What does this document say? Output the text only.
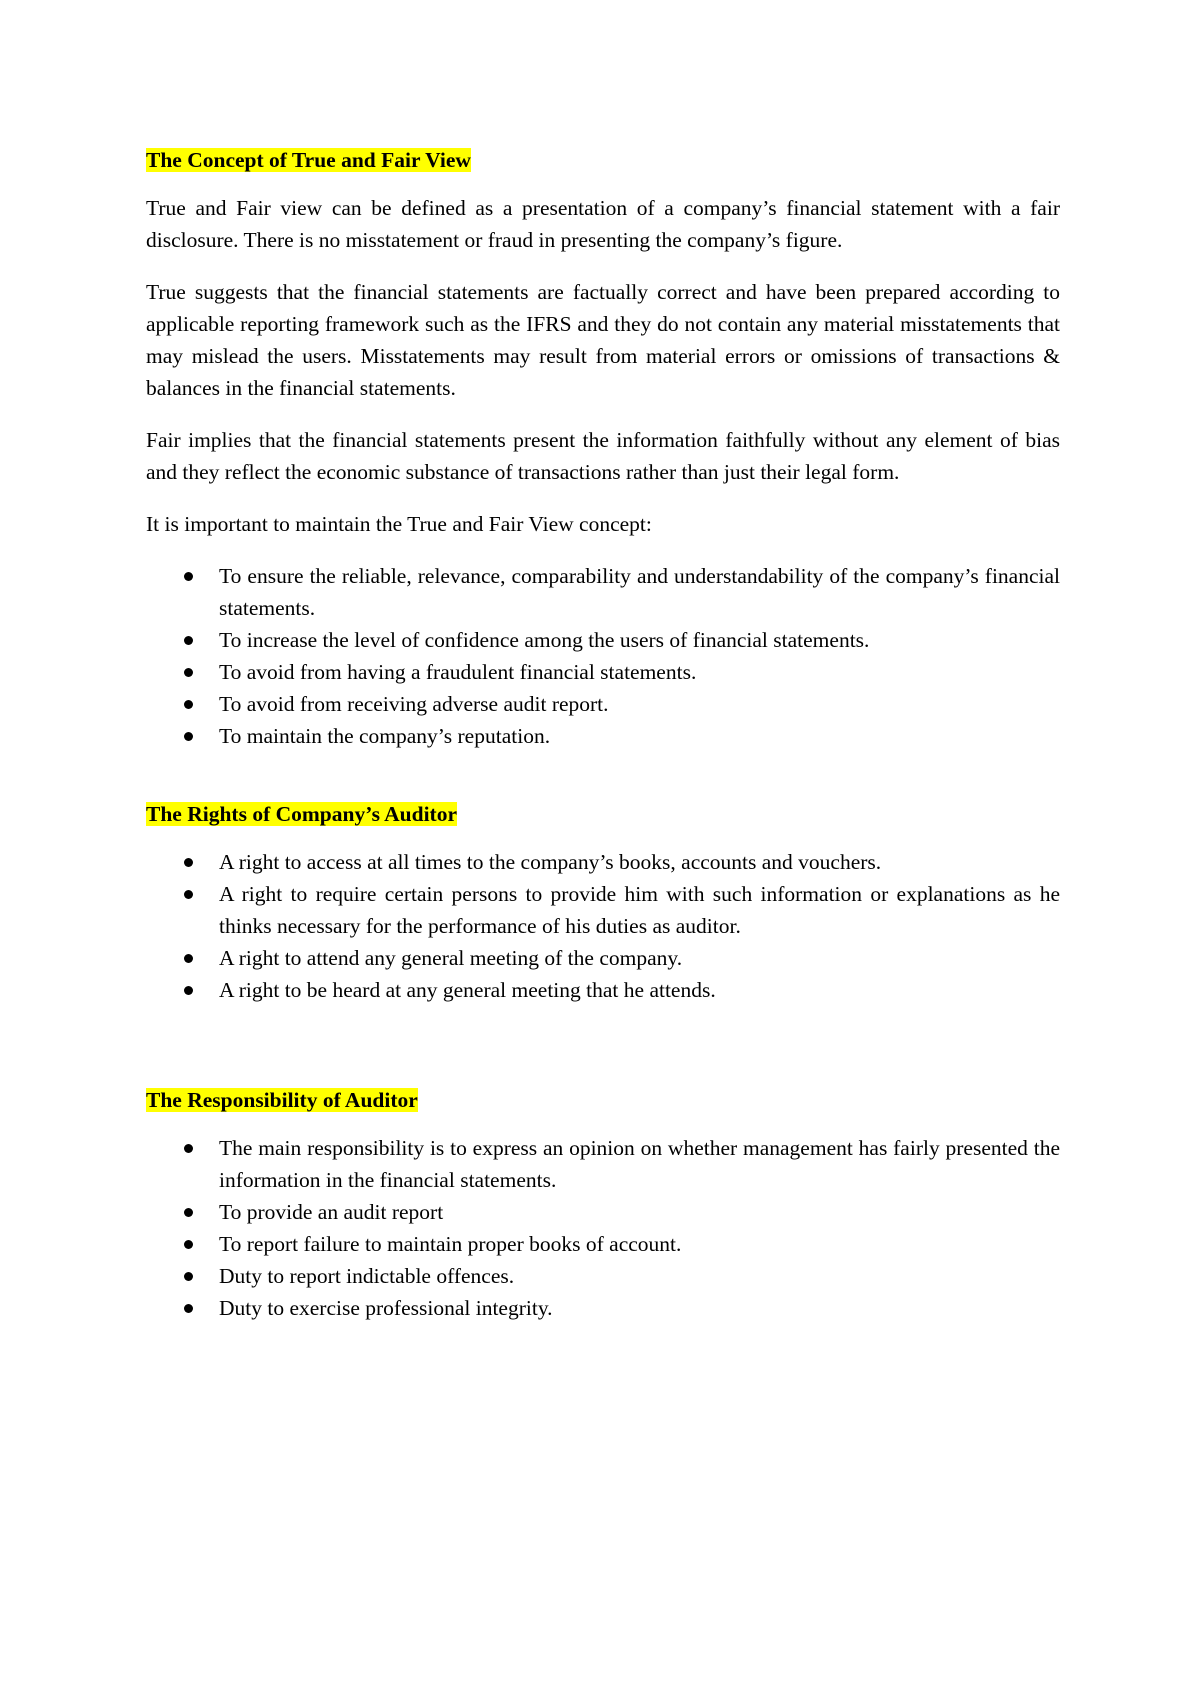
The Concept of True and Fair View

True and Fair view can be defined as a presentation of a company’s financial statement with a fair disclosure. There is no misstatement or fraud in presenting the company’s figure.

True suggests that the financial statements are factually correct and have been prepared according to applicable reporting framework such as the IFRS and they do not contain any material misstatements that may mislead the users. Misstatements may result from material errors or omissions of transactions & balances in the financial statements.

Fair implies that the financial statements present the information faithfully without any element of bias and they reflect the economic substance of transactions rather than just their legal form.

It is important to maintain the True and Fair View concept:

To ensure the reliable, relevance, comparability and understandability of the company’s financial statements.
To increase the level of confidence among the users of financial statements.
To avoid from having a fraudulent financial statements.
To avoid from receiving adverse audit report.
To maintain the company’s reputation.
The Rights of Company’s Auditor
A right to access at all times to the company’s books, accounts and vouchers.
A right to require certain persons to provide him with such information or explanations as he thinks necessary for the performance of his duties as auditor.
A right to attend any general meeting of the company.
A right to be heard at any general meeting that he attends.
The Responsibility of Auditor
The main responsibility is to express an opinion on whether management has fairly presented the information in the financial statements.
To provide an audit report
To report failure to maintain proper books of account.
Duty to report indictable offences.
Duty to exercise professional integrity.
